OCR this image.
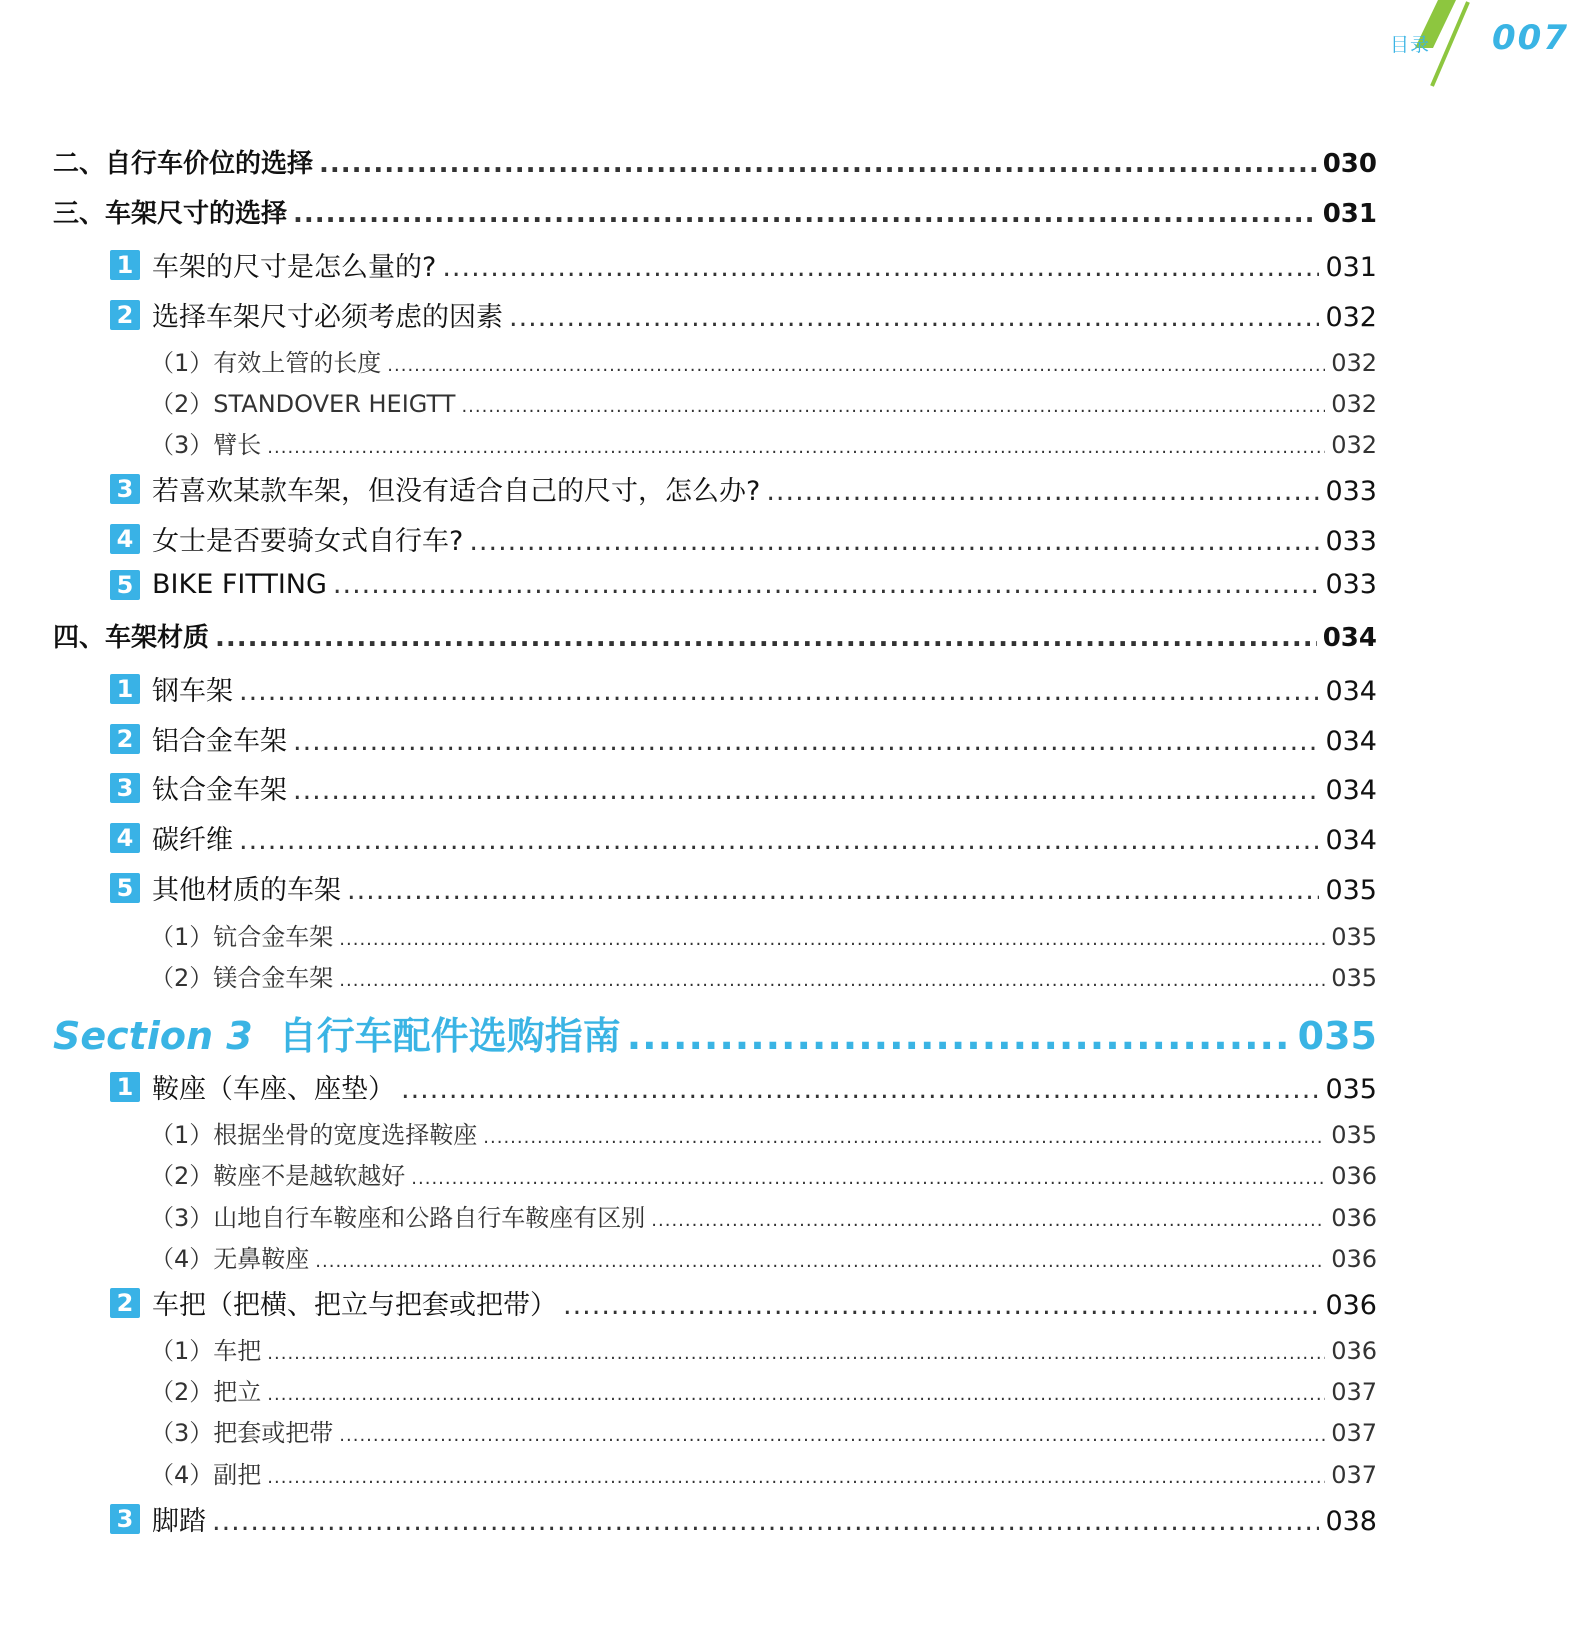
目录 007
二、自行车价位的选择 .....	030
三、车架尺寸的选择 .....	031
1 车架的尺寸是怎么量的? .....	031
2 选择车架尺寸必须考虑的因素 .....	032
（1）有效上管的长度 .....	032
（2）STANDOVER HEIGTT .....	032
（3）臂长 .....	032
3 若喜欢某款车架，但没有适合自己的尺寸，怎么办? .....	033
4 女士是否要骑女式自行车? .....	033
5 BIKE FITTING .....	033
四、车架材质 .....	034
1 钢车架 .....	034
2 铝合金车架 .....	034
3 钛合金车架 .....	034
4 碳纤维 .....	034
5 其他材质的车架 .....	035
（1）钪合金车架 .....	035
（2）镁合金车架 .....	035
Section 3 自行车配件选购指南 .....	035
1 鞍座（车座、座垫） .....	035
（1）根据坐骨的宽度选择鞍座 .....	035
（2）鞍座不是越软越好 .....	036
（3）山地自行车鞍座和公路自行车鞍座有区别 .....	036
（4）无鼻鞍座 .....	036
2 车把（把横、把立与把套或把带） .....	036
（1）车把 .....	036
（2）把立 .....	037
（3）把套或把带 .....	037
（4）副把 .....	037
3 脚踏 .....	038
